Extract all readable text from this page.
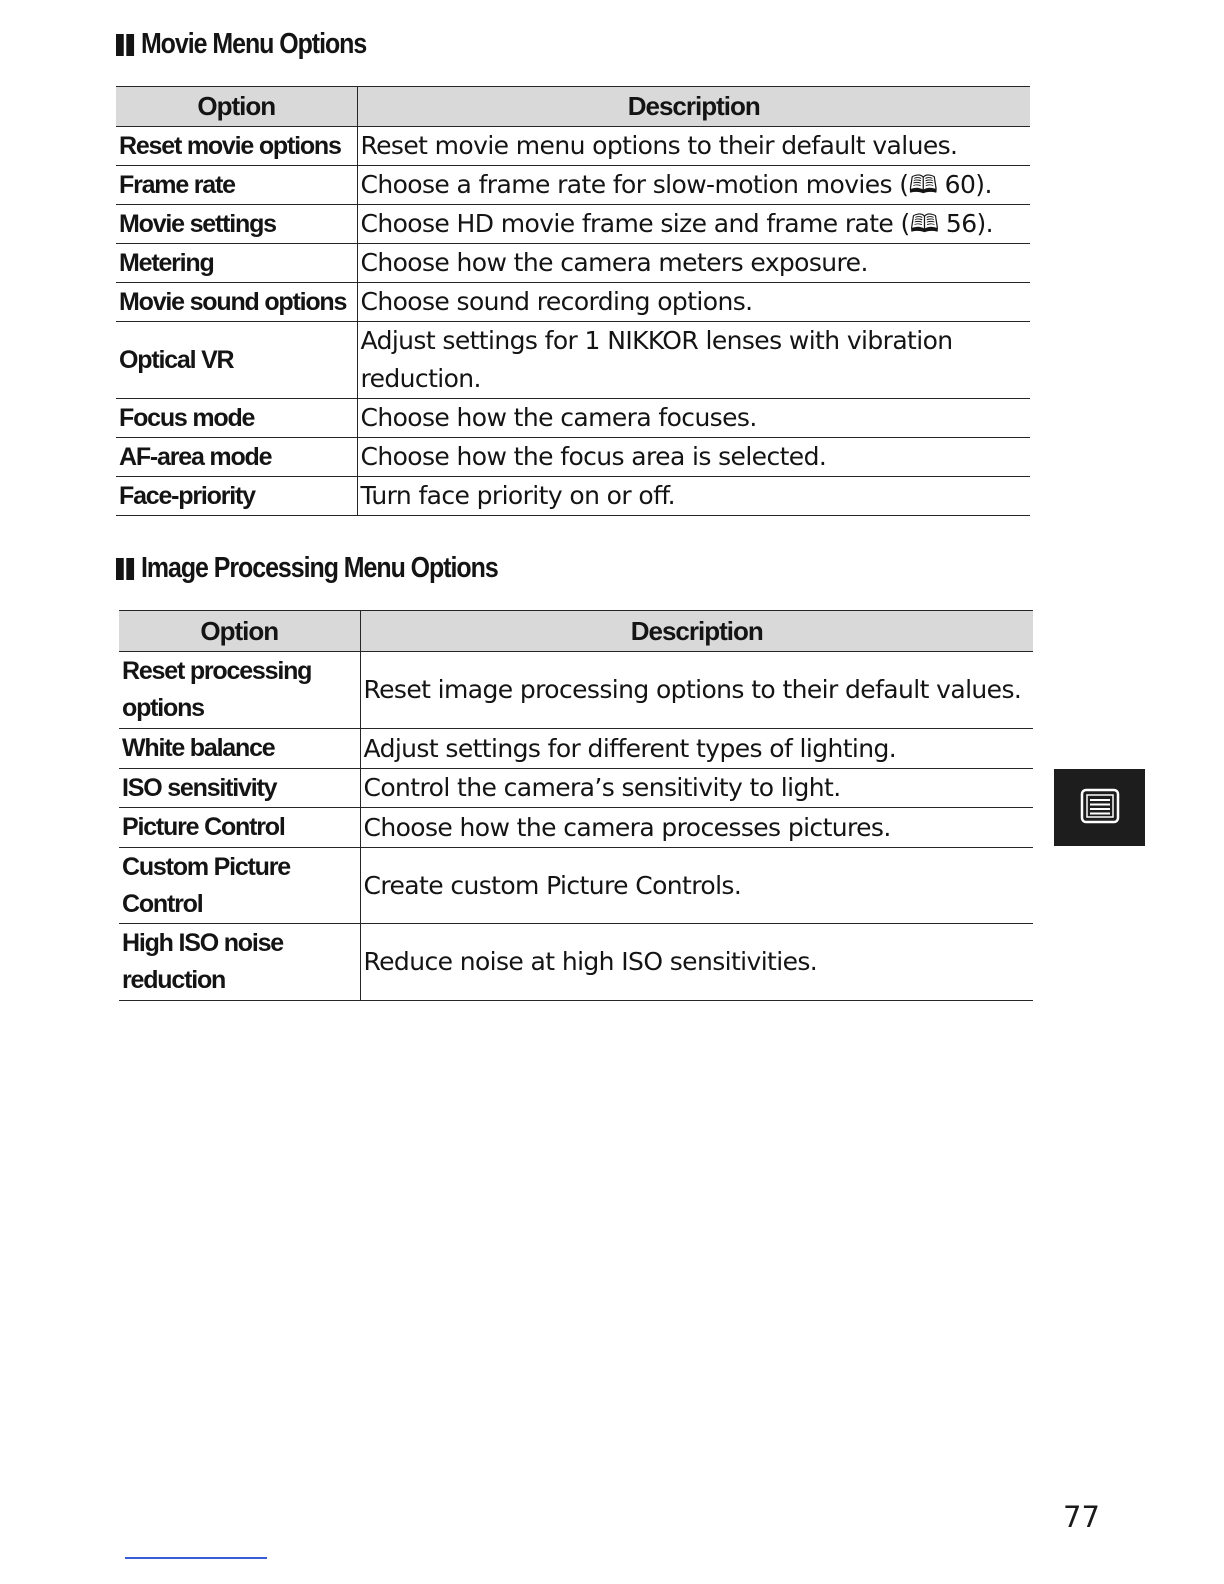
Movie Menu Options
Option	Description
Reset movie options	Reset movie menu options to their default values.
Frame rate	Choose a frame rate for slow-motion movies (🕮 60).
Movie settings	Choose HD movie frame size and frame rate (🕮 56).
Metering	Choose how the camera meters exposure.
Movie sound options	Choose sound recording options.
Optical VR	Adjust settings for 1 NIKKOR lenses with vibration reduction.
Focus mode	Choose how the camera focuses.
AF-area mode	Choose how the focus area is selected.
Face-priority	Turn face priority on or off.
Image Processing Menu Options
Option	Description
Reset processing options	Reset image processing options to their default values.
White balance	Adjust settings for different types of lighting.
ISO sensitivity	Control the camera’s sensitivity to light.
Picture Control	Choose how the camera processes pictures.
Custom Picture Control	Create custom Picture Controls.
High ISO noise reduction	Reduce noise at high ISO sensitivities.
77
